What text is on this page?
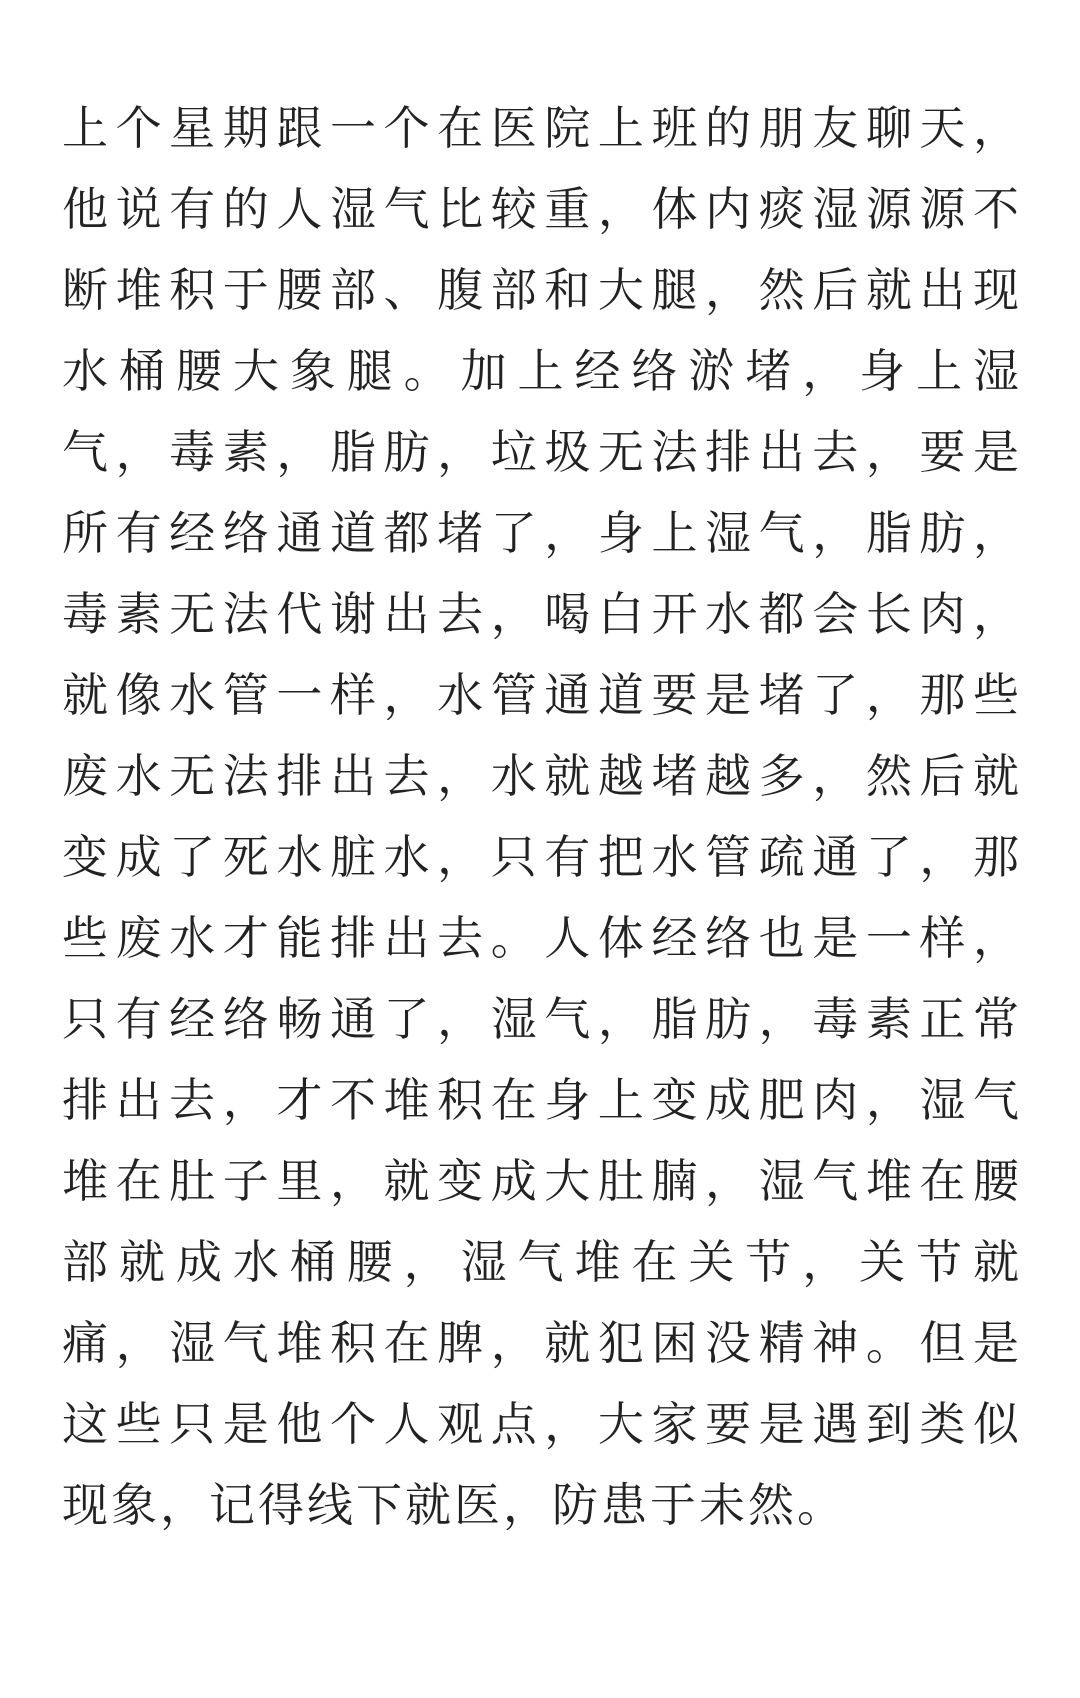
上个星期跟一个在医院上班的朋友聊天，
他说有的人湿气比较重，体内痰湿源源不
断堆积于腰部、腹部和大腿，然后就出现
水桶腰大象腿。加上经络淤堵，身上湿
气，毒素，脂肪，垃圾无法排出去，要是
所有经络通道都堵了，身上湿气，脂肪，
毒素无法代谢出去，喝白开水都会长肉，
就像水管一样，水管通道要是堵了，那些
废水无法排出去，水就越堵越多，然后就
变成了死水脏水，只有把水管疏通了，那
些废水才能排出去。人体经络也是一样，
只有经络畅通了，湿气，脂肪，毒素正常
排出去，才不堆积在身上变成肥肉，湿气
堆在肚子里，就变成大肚腩，湿气堆在腰
部就成水桶腰，湿气堆在关节，关节就
痛，湿气堆积在脾，就犯困没精神。但是
这些只是他个人观点，大家要是遇到类似
现象，记得线下就医，防患于未然。
